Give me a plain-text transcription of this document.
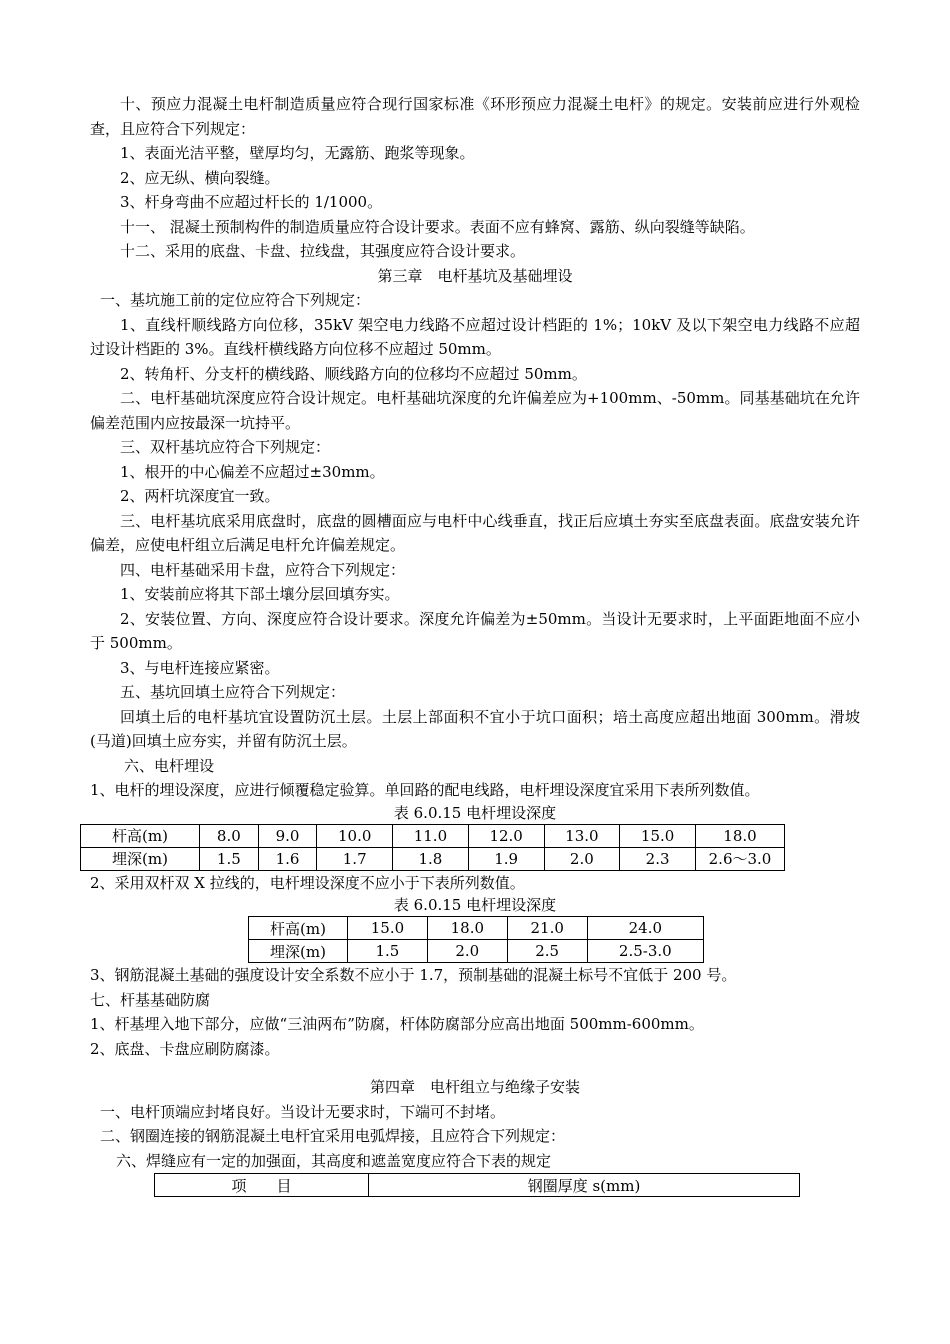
十、预应力混凝土电杆制造质量应符合现行国家标准《环形预应力混凝土电杆》的规定。安装前应进行外观检查，且应符合下列规定：

1、表面光洁平整，壁厚均匀，无露筋、跑浆等现象。

2、应无纵、横向裂缝。

3、杆身弯曲不应超过杆长的 1/1000。

十一、 混凝土预制构件的制造质量应符合设计要求。表面不应有蜂窝、露筋、纵向裂缝等缺陷。

十二、采用的底盘、卡盘、拉线盘，其强度应符合设计要求。

第三章　电杆基坑及基础埋设

一、基坑施工前的定位应符合下列规定：

1、直线杆顺线路方向位移，35kV 架空电力线路不应超过设计档距的 1%；10kV 及以下架空电力线路不应超过设计档距的 3%。直线杆横线路方向位移不应超过 50mm。

2、转角杆、分支杆的横线路、顺线路方向的位移均不应超过 50mm。

二、电杆基础坑深度应符合设计规定。电杆基础坑深度的允许偏差应为+100mm、-50mm。同基基础坑在允许偏差范围内应按最深一坑持平。

三、双杆基坑应符合下列规定：

1、根开的中心偏差不应超过±30mm。

2、两杆坑深度宜一致。

三、电杆基坑底采用底盘时，底盘的圆槽面应与电杆中心线垂直，找正后应填土夯实至底盘表面。底盘安装允许偏差，应使电杆组立后满足电杆允许偏差规定。

四、电杆基础采用卡盘，应符合下列规定：

1、安装前应将其下部土壤分层回填夯实。

2、安装位置、方向、深度应符合设计要求。深度允许偏差为±50mm。当设计无要求时，上平面距地面不应小于 500mm。

3、与电杆连接应紧密。

五、基坑回填土应符合下列规定：

回填土后的电杆基坑宜设置防沉土层。土层上部面积不宜小于坑口面积；培土高度应超出地面 300mm。滑坡(马道)回填土应夯实，并留有防沉土层。

六、电杆埋设

1、电杆的埋设深度，应进行倾覆稳定验算。单回路的配电线路，电杆埋设深度宜采用下表所列数值。

表 6.0.15 电杆埋设深度

杆高(m)	8.0	9.0	10.0	11.0	12.0	13.0	15.0	18.0
埋深(m)	1.5	1.6	1.7	1.8	1.9	2.0	2.3	2.6～3.0

2、采用双杆双 X 拉线的，电杆埋设深度不应小于下表所列数值。

表 6.0.15 电杆埋设深度

杆高(m)	15.0	18.0	21.0	24.0
埋深(m)	1.5	2.0	2.5	2.5-3.0

3、钢筋混凝土基础的强度设计安全系数不应小于 1.7，预制基础的混凝土标号不宜低于 200 号。

七、杆基基础防腐

1、杆基埋入地下部分，应做“三油两布”防腐，杆体防腐部分应高出地面 500mm-600mm。

2、底盘、卡盘应刷防腐漆。

第四章　电杆组立与绝缘子安装

一、电杆顶端应封堵良好。当设计无要求时，下端可不封堵。

二、钢圈连接的钢筋混凝土电杆宜采用电弧焊接，且应符合下列规定：

六、焊缝应有一定的加强面，其高度和遮盖宽度应符合下表的规定

项　　目	钢圈厚度 s(mm)
